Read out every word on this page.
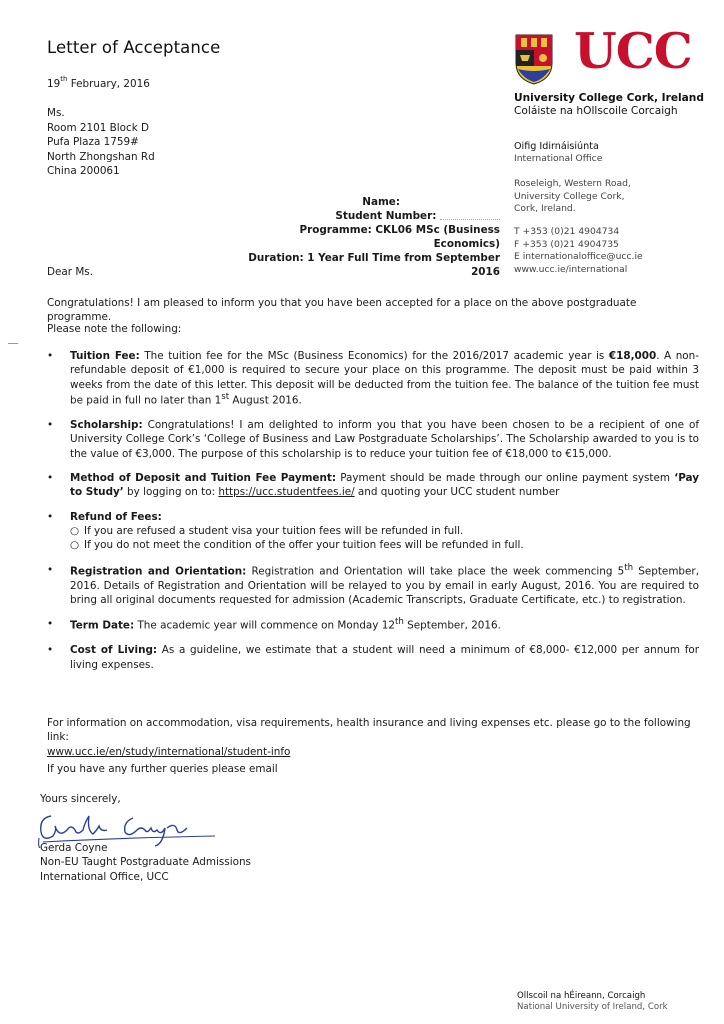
Letter of Acceptance
19th February, 2016
Ms.
Room 2101 Block D
Pufa Plaza 1759#
North Zhongshan Rd
China 200061
UCC
University College Cork, Ireland
Coláiste na hOllscoile Corcaigh
Oifig Idirnáisiúnta
International Office
Roseleigh, Western Road,
University College Cork,
Cork, Ireland.
T +353 (0)21 4904734
F +353 (0)21 4904735
E internationaloffice@ucc.ie
www.ucc.ie/international
Name:
Student Number:
Programme: CKL06 MSc (Business Economics)
Duration: 1 Year Full Time from September 2016
Dear Ms.
Congratulations! I am pleased to inform you that you have been accepted for a place on the above postgraduate programme.
Please note the following:
• Tuition Fee: The tuition fee for the MSc (Business Economics) for the 2016/2017 academic year is €18,000. A non-refundable deposit of €1,000 is required to secure your place on this programme. The deposit must be paid within 3 weeks from the date of this letter. This deposit will be deducted from the tuition fee. The balance of the tuition fee must be paid in full no later than 1st August 2016.
• Scholarship: Congratulations! I am delighted to inform you that you have been chosen to be a recipient of one of University College Cork’s ‘College of Business and Law Postgraduate Scholarships’. The Scholarship awarded to you is to the value of €3,000. The purpose of this scholarship is to reduce your tuition fee of €18,000 to €15,000.
• Method of Deposit and Tuition Fee Payment: Payment should be made through our online payment system ‘Pay to Study’ by logging on to: https://ucc.studentfees.ie/ and quoting your UCC student number
• Refund of Fees:
○ If you are refused a student visa your tuition fees will be refunded in full.
○ If you do not meet the condition of the offer your tuition fees will be refunded in full.
• Registration and Orientation: Registration and Orientation will take place the week commencing 5th September, 2016. Details of Registration and Orientation will be relayed to you by email in early August, 2016. You are required to bring all original documents requested for admission (Academic Transcripts, Graduate Certificate, etc.) to registration.
• Term Date: The academic year will commence on Monday 12th September, 2016.
• Cost of Living: As a guideline, we estimate that a student will need a minimum of €8,000- €12,000 per annum for living expenses.
For information on accommodation, visa requirements, health insurance and living expenses etc. please go to the following link:
www.ucc.ie/en/study/international/student-info
If you have any further queries please email
Yours sincerely,
Gerda Coyne
Non-EU Taught Postgraduate Admissions
International Office, UCC
Ollscoil na hÉireann, Corcaigh
National University of Ireland, Cork
